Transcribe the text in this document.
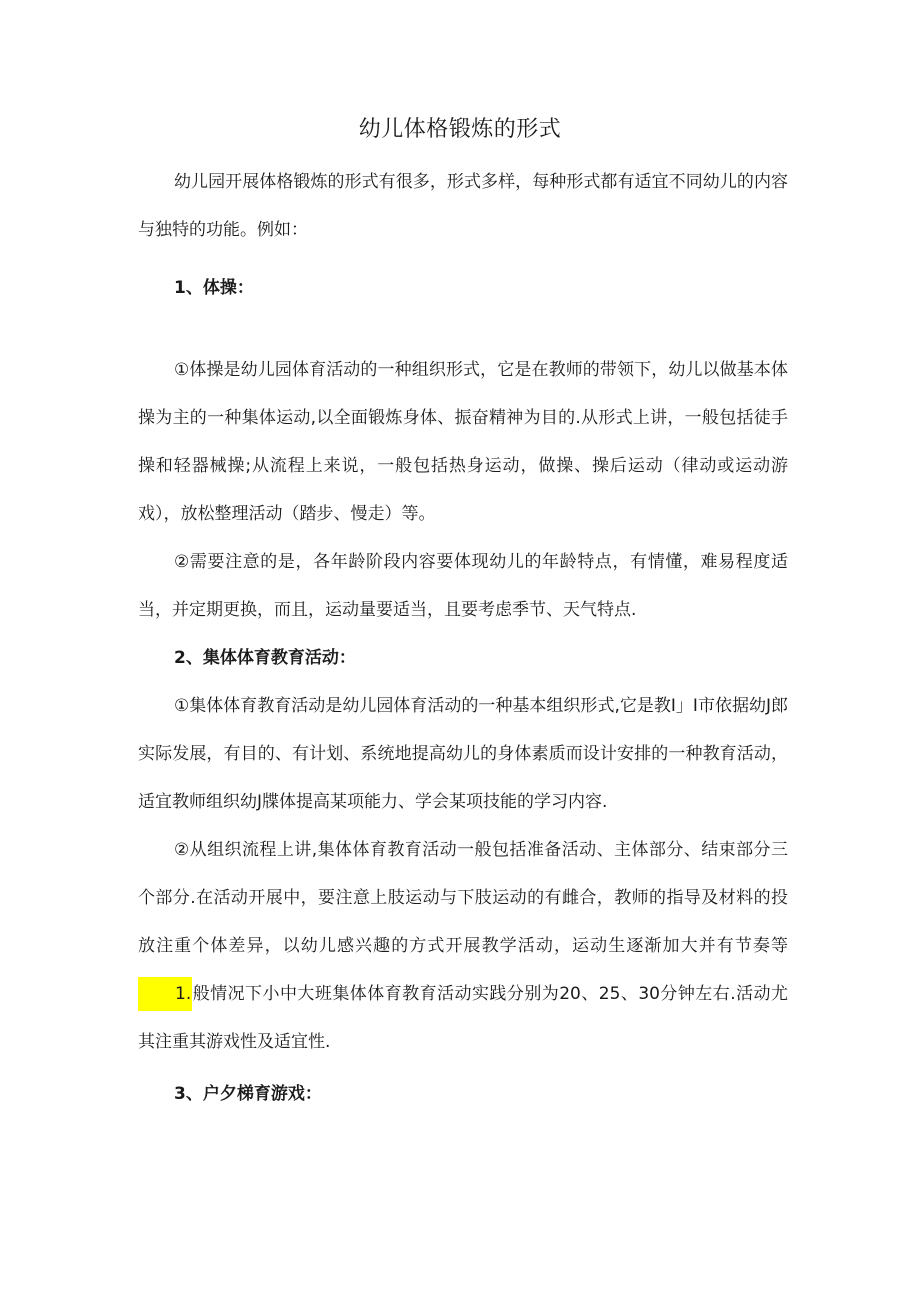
幼儿体格锻炼的形式

幼儿园开展体格锻炼的形式有很多，形式多样，每种形式都有适宜不同幼儿的内容与独特的功能。例如：

1、体操：

①体操是幼儿园体育活动的一种组织形式，它是在教师的带领下，幼儿以做基本体操为主的一种集体运动,以全面锻炼身体、振奋精神为目的.从形式上讲，一般包括徒手操和轻器械操;从流程上来说，一般包括热身运动，做操、操后运动（律动或运动游戏），放松整理活动（踏步、慢走）等。

②需要注意的是，各年龄阶段内容要体现幼儿的年龄特点，有情懂，难易程度适当，并定期更换，而且，运动量要适当，且要考虑季节、天气特点.

2、集体体育教育活动：

①集体体育教育活动是幼儿园体育活动的一种基本组织形式,它是教I」I市依据幼J郎实际发展，有目的、有计划、系统地提高幼儿的身体素质而设计安排的一种教育活动，适宜教师组织幼J牒体提高某项能力、学会某项技能的学习内容.

②从组织流程上讲,集体体育教育活动一般包括准备活动、主体部分、结束部分三个部分.在活动开展中，要注意上肢运动与下肢运动的有雌合，教师的指导及材料的投放注重个体差异，以幼儿感兴趣的方式开展教学活动，运动生逐渐加大并有节奏等1.般情况下小中大班集体体育教育活动实践分别为20、25、30分钟左右.活动尤其注重其游戏性及适宜性.

3、户夕梯育游戏：
